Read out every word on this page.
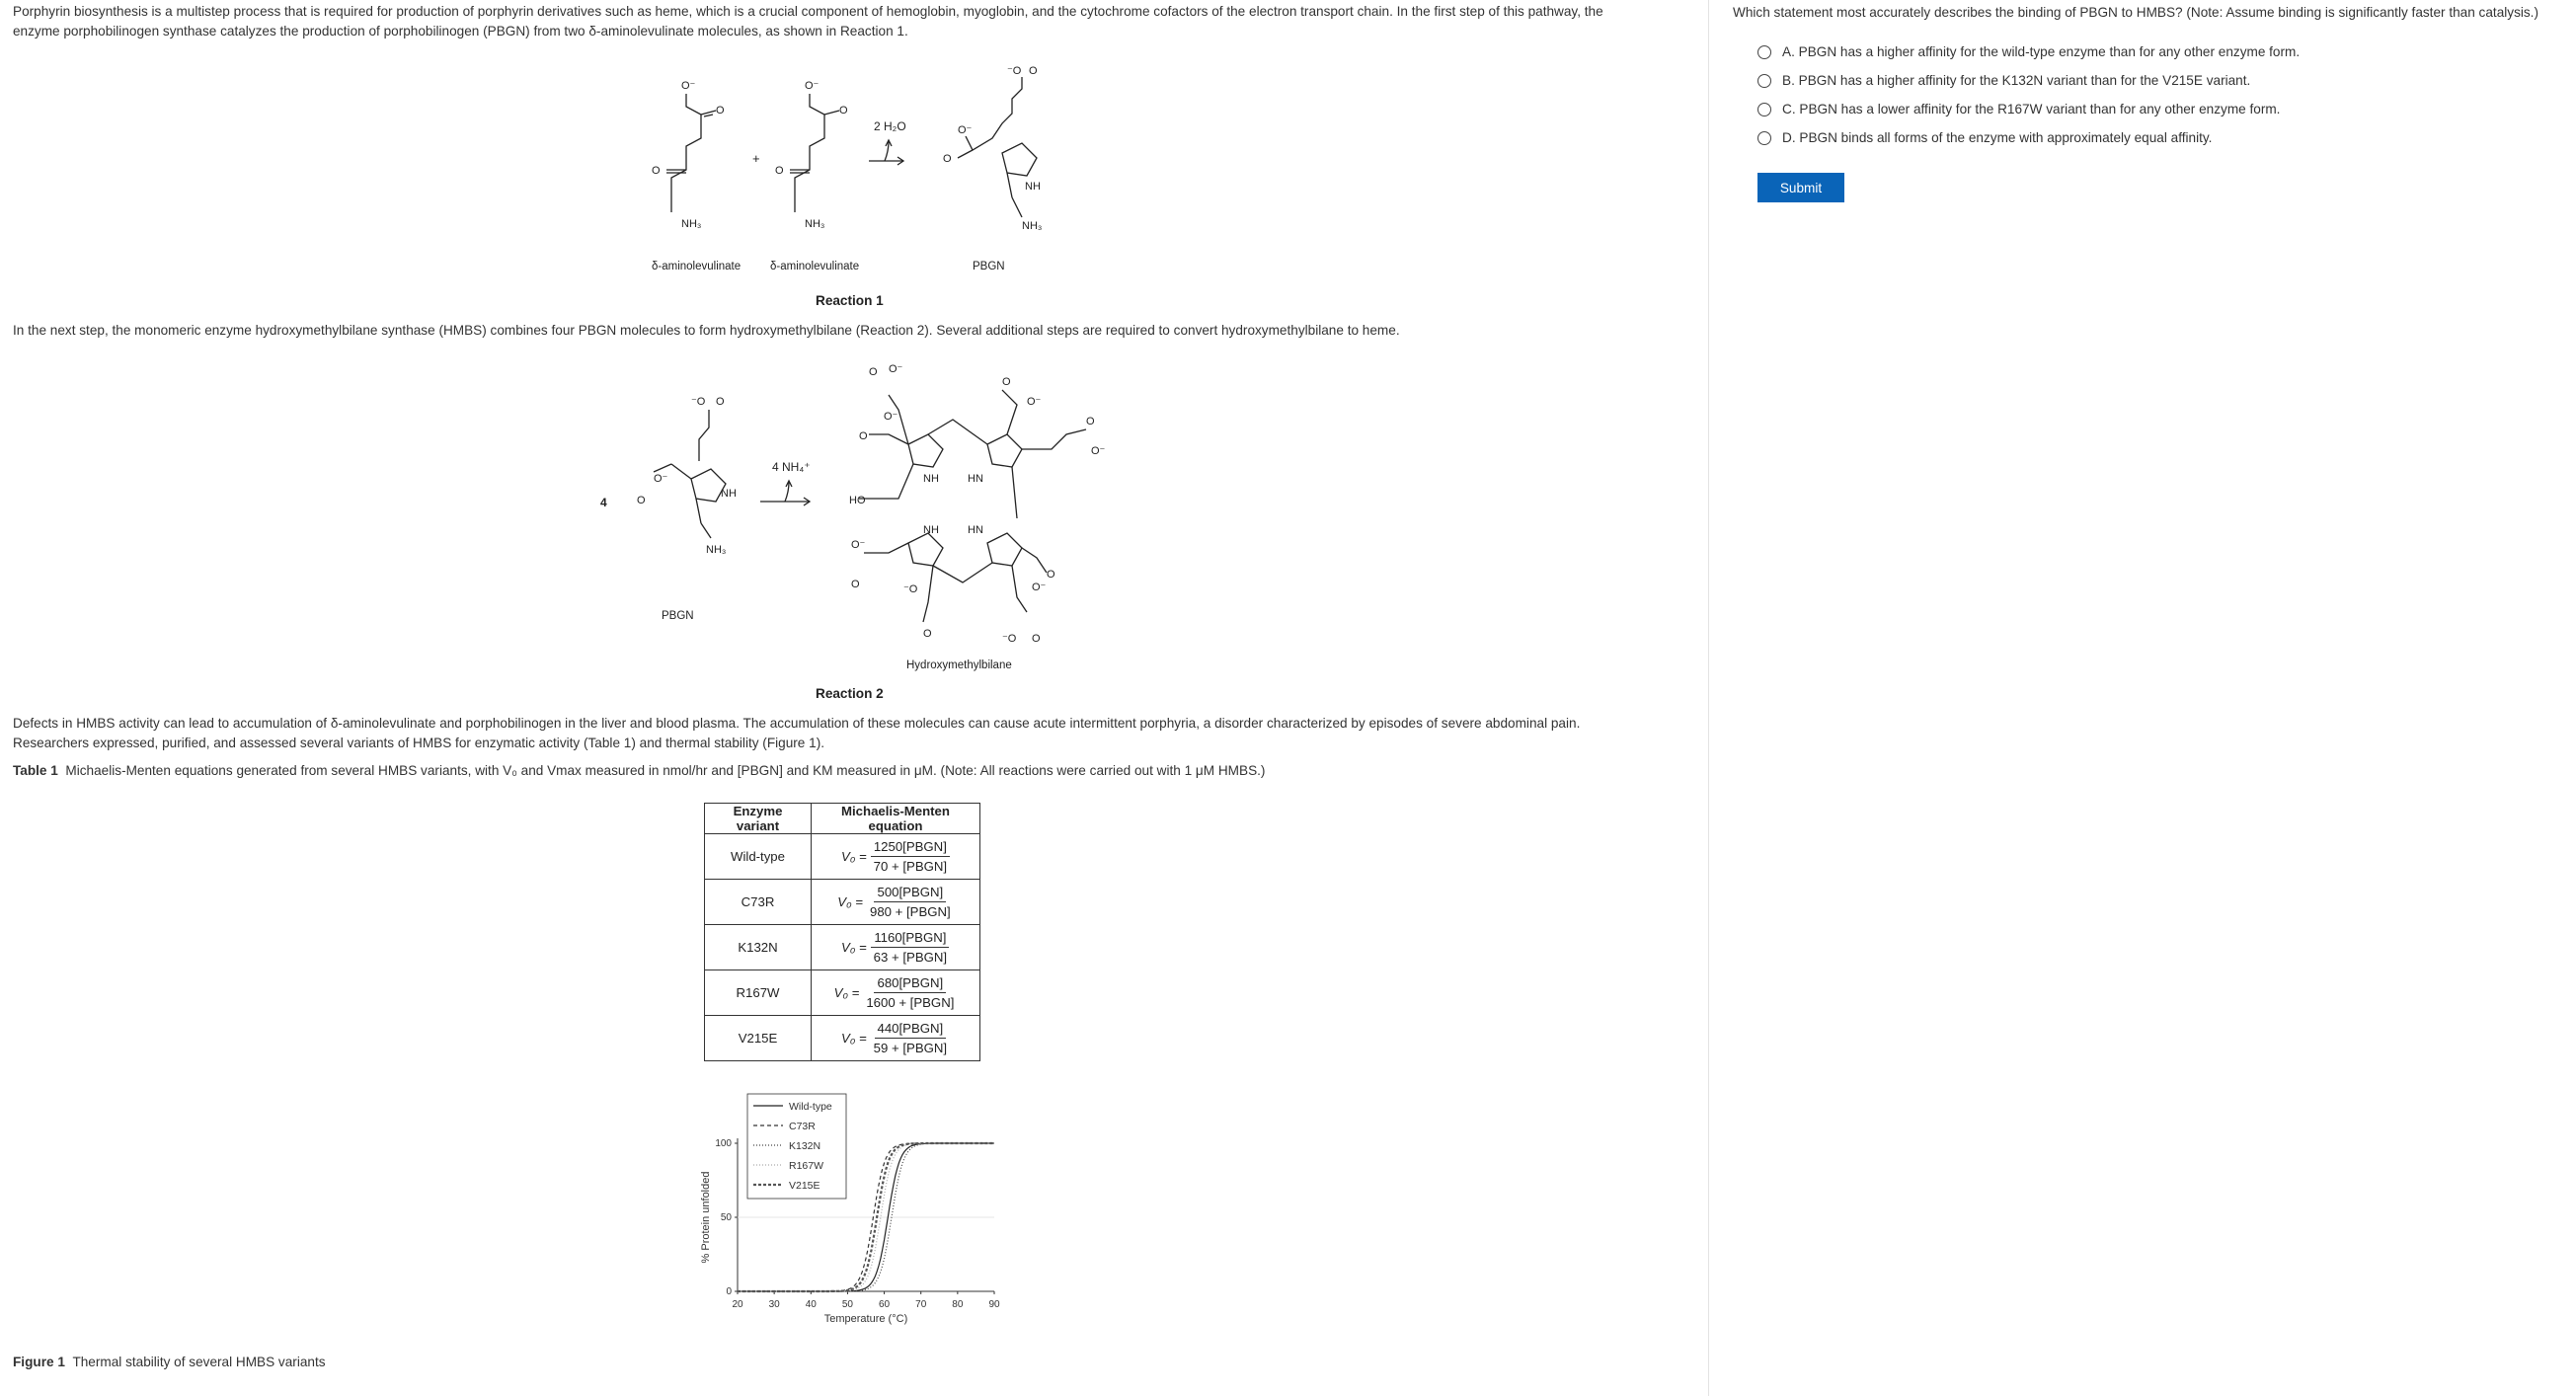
Porphyrin biosynthesis is a multistep process that is required for production of porphyrin derivatives such as heme, which is a crucial component of hemoglobin, myoglobin, and the cytochrome cofactors of the electron transport chain. In the first step of this pathway, the
enzyme porphobilinogen synthase catalyzes the production of porphobilinogen (PBGN) from two δ-aminolevulinate molecules, as shown in Reaction 1.
O⁻
O
O
NH₃
O⁻
O
O
NH₃
⁻O O
O⁻
O
NH
NH₃
+
2 H₂O
δ-aminolevulinate	δ-aminolevulinate	PBGN
Reaction 1
In the next step, the monomeric enzyme hydroxymethylbilane synthase (HMBS) combines four PBGN molecules to form hydroxymethylbilane (Reaction 2). Several additional steps are required to convert hydroxymethylbilane to heme.
⁻O O
O⁻
O
NH
NH₃
O O⁻
O
O⁻
NH	HN
O
O⁻
O
O⁻
HO
NH	HN
O⁻
O	⁻O
O
O⁻
O
⁻O O
4
4 NH₄⁺
PBGN
Hydroxymethylbilane
Reaction 2
Defects in HMBS activity can lead to accumulation of δ-aminolevulinate and porphobilinogen in the liver and blood plasma. The accumulation of these molecules can cause acute intermittent porphyria, a disorder characterized by episodes of severe abdominal pain.
Researchers expressed, purified, and assessed several variants of HMBS for enzymatic activity (Table 1) and thermal stability (Figure 1).
Table 1 Michaelis-Menten equations generated from several HMBS variants, with V₀ and Vmax measured in nmol/hr and [PBGN] and KM measured in μM. (Note: All reactions were carried out with 1 μM HMBS.)
Enzyme variant	Michaelis-Menten equation
Wild-type	$V_0 = \frac{\text{1250[PBGN]}}{\text{70 + [PBGN]}}$

C73R	$V_0 = \frac{\text{500[PBGN]}}{\text{980 + [PBGN]}}$

K132N	$V_0 = \frac{\text{1160[PBGN]}}{\text{63 + [PBGN]}}$

R167W	$V_0 = \frac{\text{680[PBGN]}}{\text{1600 + [PBGN]}}$

V215E	$V_0 = \frac{\text{440[PBGN]}}{\text{59 + [PBGN]}}$
20	30	40	50	60	70	80	90
0
50
100
Temperature (°C)
% Protein unfolded
Wild-type
C73R
K132N
R167W
V215E
Figure 1 Thermal stability of several HMBS variants
Which statement most accurately describes the binding of PBGN to HMBS? (Note: Assume binding is significantly faster than catalysis.)
A.
PBGN has a higher affinity for the wild-type enzyme than for any other enzyme form.
B.
PBGN has a higher affinity for the K132N variant than for the V215E variant.
C.
PBGN has a lower affinity for the R167W variant than for any other enzyme form.
D.
PBGN binds all forms of the enzyme with approximately equal affinity.
Submit
